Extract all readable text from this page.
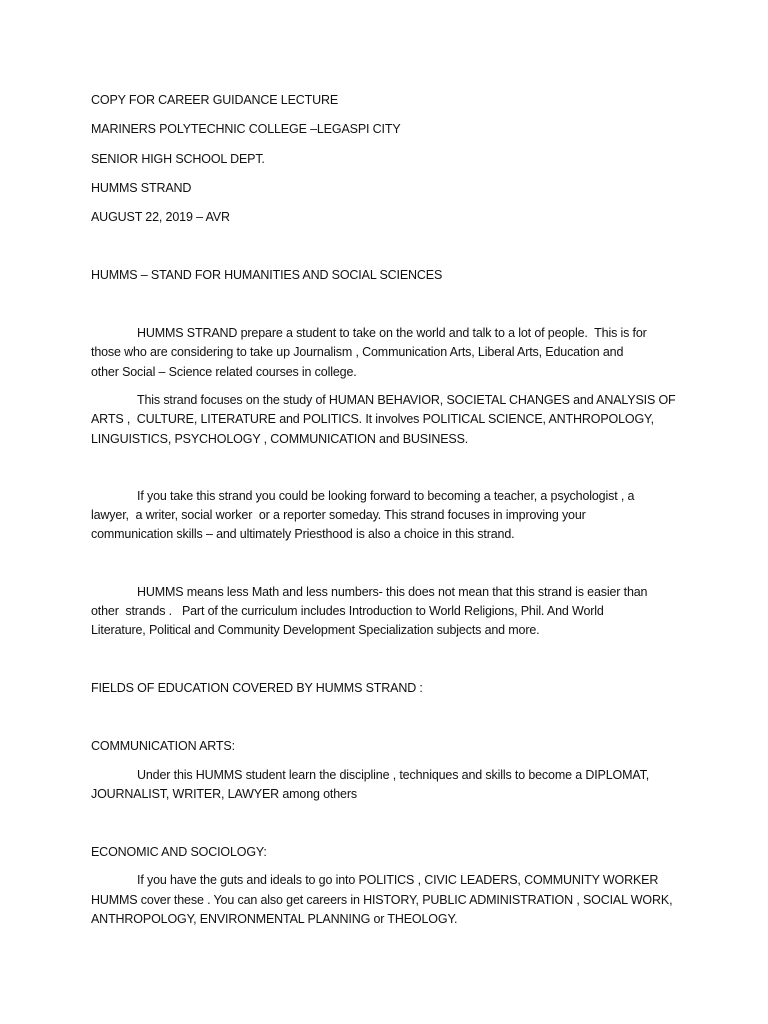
COPY FOR CAREER GUIDANCE LECTURE

MARINERS POLYTECHNIC COLLEGE –LEGASPI CITY

SENIOR HIGH SCHOOL DEPT.

HUMMS STRAND

AUGUST 22, 2019 – AVR

HUMMS – STAND FOR HUMANITIES AND SOCIAL SCIENCES

HUMMS STRAND prepare a student to take on the world and talk to a lot of people.  This is for

those who are considering to take up Journalism , Communication Arts, Liberal Arts, Education and

other Social – Science related courses in college.

This strand focuses on the study of HUMAN BEHAVIOR, SOCIETAL CHANGES and ANALYSIS OF

ARTS ,  CULTURE, LITERATURE and POLITICS. It involves POLITICAL SCIENCE, ANTHROPOLOGY,

LINGUISTICS, PSYCHOLOGY , COMMUNICATION and BUSINESS.

If you take this strand you could be looking forward to becoming a teacher, a psychologist , a

lawyer,  a writer, social worker  or a reporter someday. This strand focuses in improving your

communication skills – and ultimately Priesthood is also a choice in this strand.

HUMMS means less Math and less numbers- this does not mean that this strand is easier than

other  strands .   Part of the curriculum includes Introduction to World Religions, Phil. And World

Literature, Political and Community Development Specialization subjects and more.

FIELDS OF EDUCATION COVERED BY HUMMS STRAND :

COMMUNICATION ARTS:

Under this HUMMS student learn the discipline , techniques and skills to become a DIPLOMAT,

JOURNALIST, WRITER, LAWYER among others

ECONOMIC AND SOCIOLOGY:

If you have the guts and ideals to go into POLITICS , CIVIC LEADERS, COMMUNITY WORKER

HUMMS cover these . You can also get careers in HISTORY, PUBLIC ADMINISTRATION , SOCIAL WORK,

ANTHROPOLOGY, ENVIRONMENTAL PLANNING or THEOLOGY.
